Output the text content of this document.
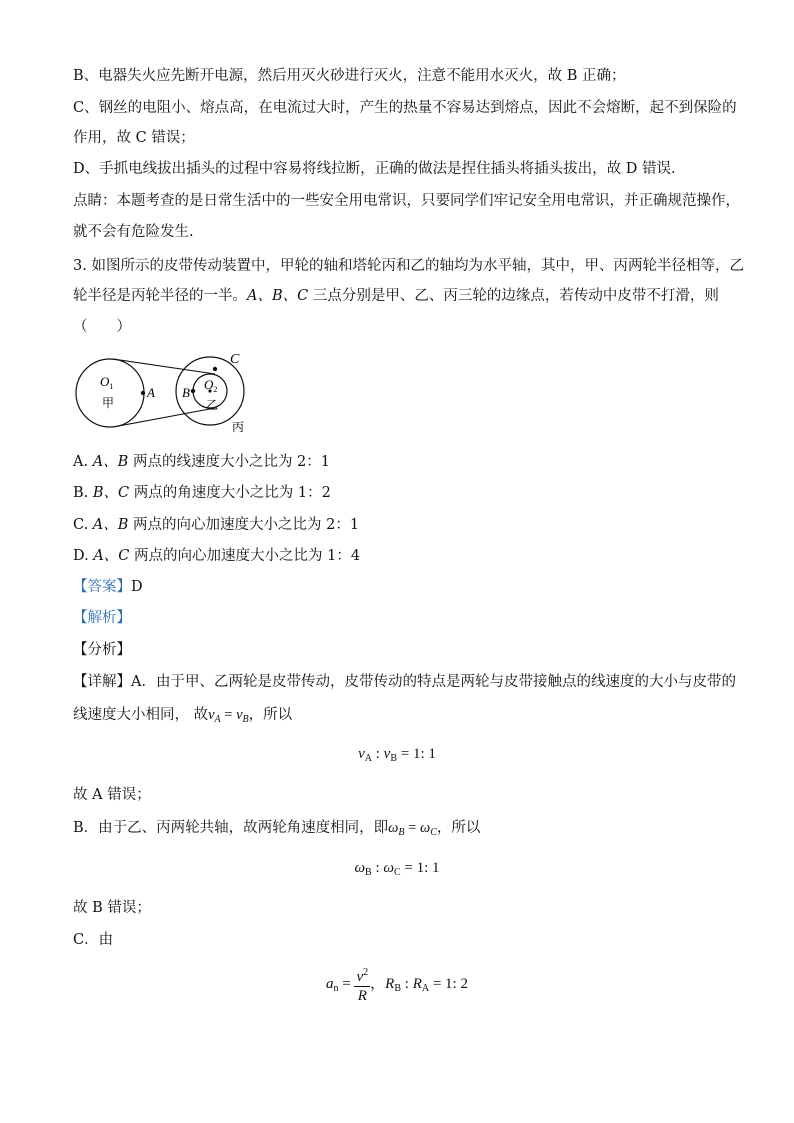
B、电器失火应先断开电源，然后用灭火砂进行灭火，注意不能用水灭火，故 B 正确；
C、钢丝的电阻小、熔点高，在电流过大时，产生的热量不容易达到熔点，因此不会熔断，起不到保险的
作用，故 C 错误；
D、手抓电线拔出插头的过程中容易将线拉断，正确的做法是捏住插头将插头拔出，故 D 错误．
点睛：本题考查的是日常生活中的一些安全用电常识，只要同学们牢记安全用电常识，并正确规范操作，
就不会有危险发生.
3. 如图所示的皮带传动装置中，甲轮的轴和塔轮丙和乙的轴均为水平轴，其中，甲、丙两轮半径相等，乙
轮半径是丙轮半径的一半。A、B、C 三点分别是甲、乙、丙三轮的边缘点，若传动中皮带不打滑，则
（　　）
C
$O_1$
甲
A B
$O_2$
乙
丙
A. A、B 两点的线速度大小之比为 2：1
B. B、C 两点的角速度大小之比为 1：2
C. A、B 两点的向心加速度大小之比为 2：1
D. A、C 两点的向心加速度大小之比为 1：4
【答案】D
【解析】
【分析】
【详解】A．由于甲、乙两轮是皮带传动，皮带传动的特点是两轮与皮带接触点的线速度的大小与皮带的
线速度大小相同， 故$v_A = v_B$，所以
$v_A$ : $v_B = 1$: 1
故 A 错误；
B．由于乙、丙两轮共轴，故两轮角速度相同，即$\omega_B = \omega_C$，所以
$\omega_B$ : $\omega_C = 1$: 1
故 B 错误；
C．由
$a_n = \frac{v^2}{R}$ ，$R_B$ : $R_A = 1$: 2
